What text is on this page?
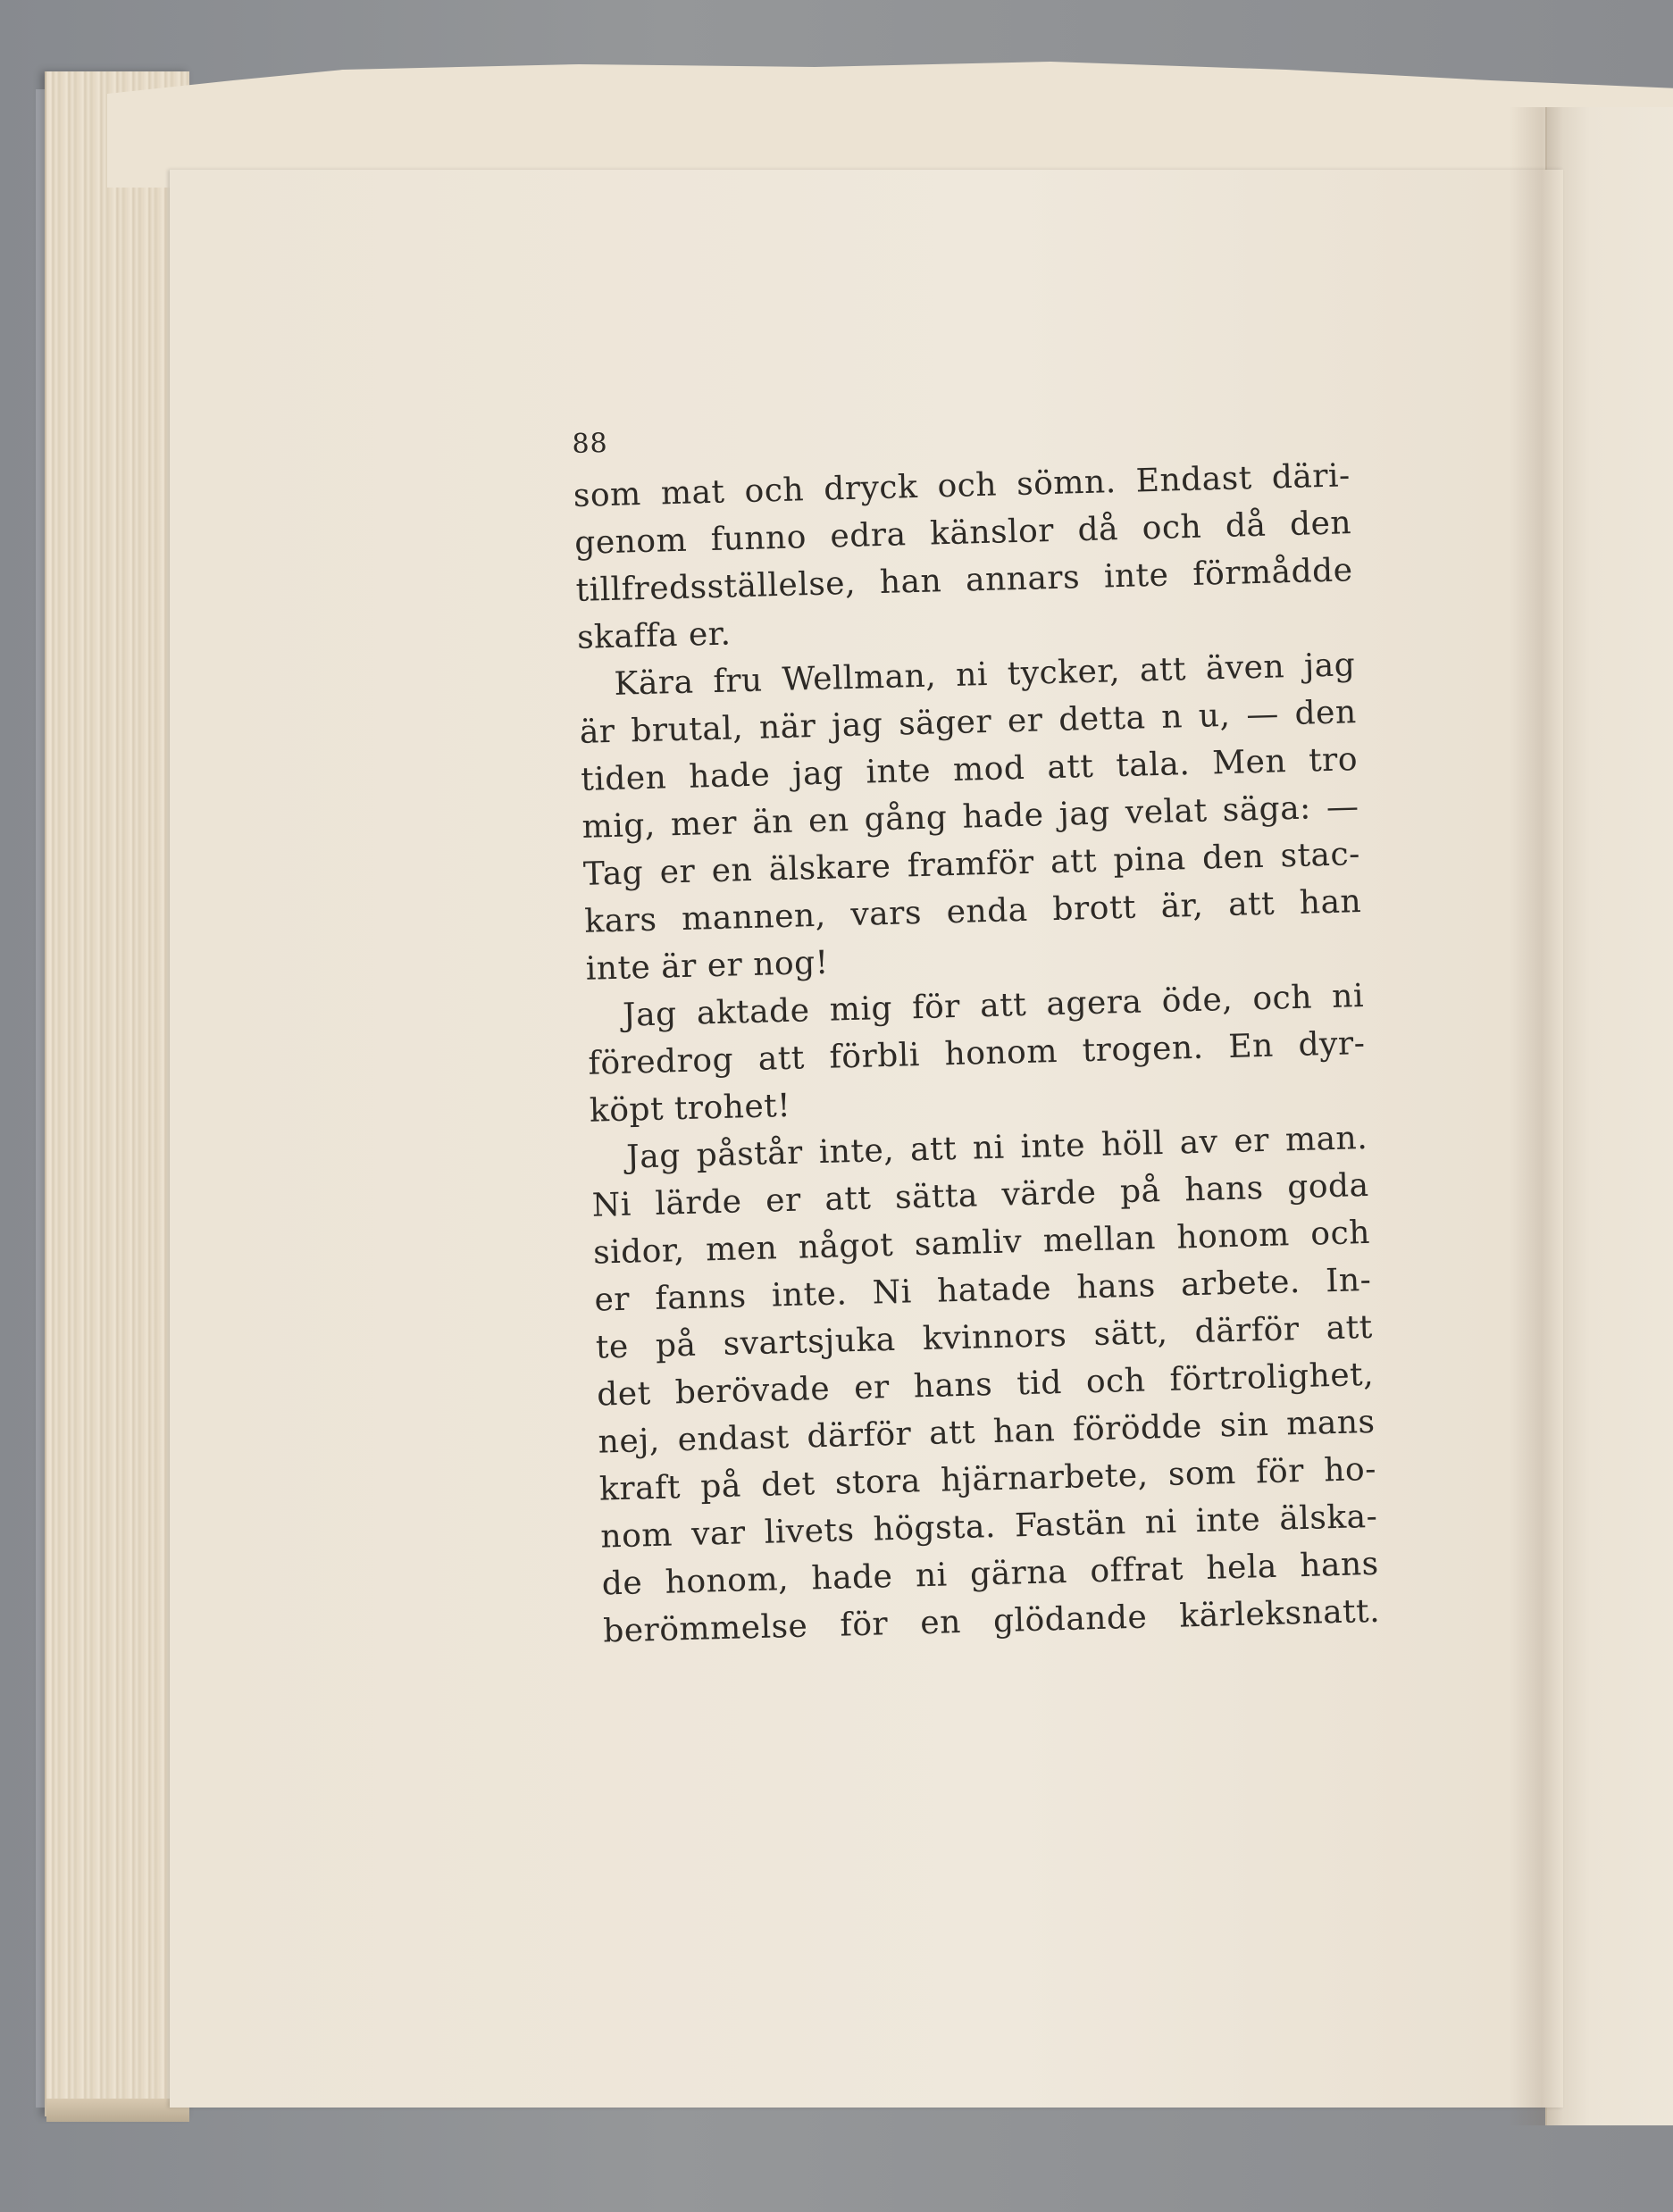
88
som mat och dryck och sömn. Endast däri-
genom funno edra känslor då och då den
tillfredsställelse, han annars inte förmådde
skaffa er.
Kära fru Wellman, ni tycker, att även jag
är brutal, när jag säger er detta n u, — den
tiden hade jag inte mod att tala. Men tro
mig, mer än en gång hade jag velat säga: —
Tag er en älskare framför att pina den stac-
kars mannen, vars enda brott är, att han
inte är er nog!
Jag aktade mig för att agera öde, och ni
föredrog att förbli honom trogen. En dyr-
köpt trohet!
Jag påstår inte, att ni inte höll av er man.
Ni lärde er att sätta värde på hans goda
sidor, men något samliv mellan honom och
er fanns inte. Ni hatade hans arbete. In-
te på svartsjuka kvinnors sätt, därför att
det berövade er hans tid och förtrolighet,
nej, endast därför att han förödde sin mans
kraft på det stora hjärnarbete, som för ho-
nom var livets högsta. Fastän ni inte älska-
de honom, hade ni gärna offrat hela hans
berömmelse för en glödande kärleksnatt.
